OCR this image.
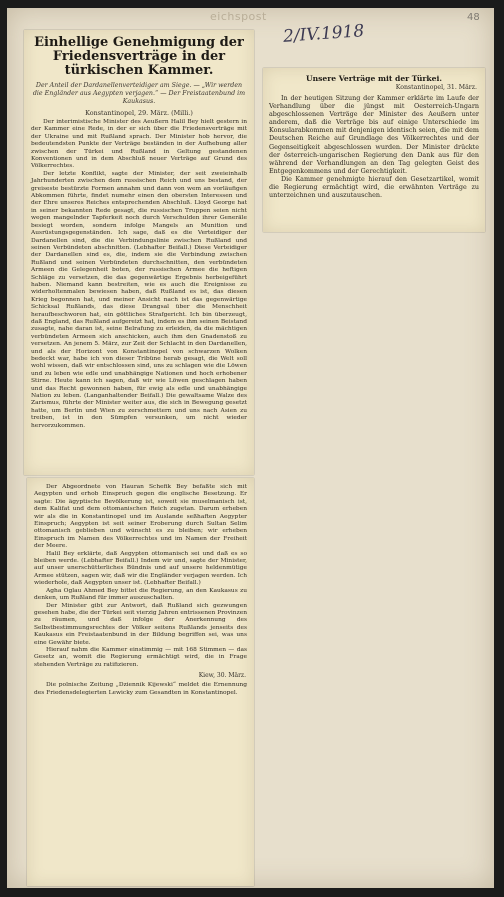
eichspost
2/IV.1918
48
Einhellige Genehmigung der Friedensverträge in der türkischen Kammer.
Der Anteil der Dardanellenverteidiger am Siege. — „Wir werden die Engländer aus Aegypten verjagen.“ — Der Freistaatenbund im Kaukasus.
Konstantinopel, 29. März. (Milli.)

Der interimistische Minister des Aeußern Halil Bey hielt gestern in der Kammer eine Rede, in der er sich über die Friedensverträge mit der Ukraine und mit Rußland sprach. Der Minister hob hervor, die bedeutendsten Punkte der Verträge beständen in der Aufhebung aller zwischen der Türkei und Rußland in Geltung gestandenen Konventionen und in dem Abschluß neuer Verträge auf Grund des Völkerrechtes.

Der letzte Konflikt, sagte der Minister, der seit zweieinhalb Jahrhunderten zwischen dem russischen Reich und uns bestand, der greiseste bestürzte Formen annahm und dann von wem an vorläufigen Abkommen führte, findet numehr einen den obersten Interessen und der Ehre unseres Reiches entsprechenden Abschluß. Lloyd George hat in seiner bekannten Rede gesagt, die russischen Truppen seien nicht wegen mangelnder Tapferkeit noch durch Verschulden ihrer Generäle besiegt worden, sondern infolge Mangels an Munition und Ausrüstungsgegenständen. Ich sage, daß es die Verteidiger der Dardanellen sind, die die Verbindungslinie zwischen Rußland und seinen Verbündeten abschnitten. (Lebhafter Beifall.) Diese Verteidiger der Dardanellen sind es, die, indem sie die Verbindung zwischen Rußland und seinen Verbündeten durchschnitten, den verbündeten Armeen die Gelegenheit boten, der russischen Armee die heftigen Schläge zu versetzen, die das gegenwärtige Ergebnis herbeigeführt haben. Niemand kann bestreiten, wie es auch die Ereignisse zu widerholtenmalen bewiesen haben, daß Rußland es ist, das diesen Krieg begonnen hat, und meiner Ansicht nach ist das gegenwärtige Schicksal Rußlands, das diese Drangsal über die Menschheit heraufbeschworen hat, ein göttliches Strafgericht. Ich bin überzeugt, daß England, das Rußland aufgereizt hat, indem es ihm seinen Beistand zusagte, nahe daran ist, seine Belrafung zu erleiden, da die mächtigen verbündeten Armeen sich anschicken, auch ihm den Gnadenstoß zu versetzen. An jenem 5. März, zur Zeit der Schlacht in den Dardanellen, und als der Horizont von Konstantinopel von schwarzen Wolken bedeckt war, habe ich von dieser Tribüne herab gesagt, die Welt soll wohl wissen, daß wir entschlossen sind, uns zu schlagen wie die Löwen und zu leben wie edle und unabhängige Nationen und hoch erhobener Stirne. Heute kann ich sagen, daß wir wie Löwen geschlagen haben und das Recht gewonnen haben, für ewig als edle und unabhängige Nation zu leben. (Langanhaltender Beifall.) Die gewaltsame Walze des Zarismus, führte der Minister weiter aus, die sich in Bewegung gesetzt hatte, um Berlin und Wien zu zerschmettern und uns nach Asien zu treiben, ist in den Sümpfen versunken, um nicht wieder hervorzukommen.

Der Abgeordnete von Hauran Schefik Bey befaßte sich mit Aegypten und erhob Einspruch gegen die englische Besetzung. Er sagte: Die ägyptische Bevölkerung ist, soweit sie muselmanisch ist, dem Kalifat und dem ottomanischen Reich zugetan. Darum erheben wir als die in Konstantinopel und im Auslande seßhaften Aegypter Einspruch; Aegypten ist seit seiner Eroberung durch Sultan Selim ottomanisch geblieben und wünscht es zu bleiben; wir erheben Einspruch im Namen des Völkerrechtes und im Namen der Freiheit der Meere.

Halil Bey erklärte, daß Aegypten ottomanisch sei und daß es so bleiben werde. (Lebhafter Beifall.) Indem wir und, sagte der Minister, auf unser unerschütterliches Bündnis und auf unsere heldenmütige Armee stützen, sagen wir, daß wir die Engländer verjagen werden. Ich wiederhole, daß Aegypten unser ist. (Lebhafter Beifall.)

Agha Oglau Ahmed Bey bittet die Regierung, an den Kaukasus zu denken, um Rußland für immer auszuschalten.

Der Minister gibt zur Antwort, daß Rußland sich gezwungen gesehen habe, die der Türkei seit vierzig Jahren entrissenen Provinzen zu räumen, und daß infolge der Anerkennung des Selbstbestimmungsrechtes der Völker seitens Rußlands jenseits des Kaukasus ein Freistaatenbund in der Bildung begriffen sei, was uns eine Gewähr biete.

Hierauf nahm die Kammer einstimmig — mit 168 Stimmen — das Gesetz an, womit die Regierung ermächtigt wird, die in Frage stehenden Verträge zu ratifizieren.

Kiew, 30. März.

Die polnische Zeitung „Dziennik Kijewski“ meldet die Ernennung des Friedensdelegierten Lewicky zum Gesandten in Konstantinopel.

Unsere Verträge mit der Türkei.
Konstantinopel, 31. März.

In der heutigen Sitzung der Kammer erklärte im Laufe der Verhandlung über die jüngst mit Oesterreich-Ungarn abgeschlossenen Verträge der Minister des Aeußern unter anderem, daß die Verträge bis auf einige Unterschiede im Konsularabkommen mit denjenigen identisch seien, die mit dem Deutschen Reiche auf Grundlage des Völkerrechtes und der Gegenseitigkeit abgeschlossen wurden. Der Minister drückte der österreich-ungarischen Regierung den Dank aus für den während der Verhandlungen an den Tag gelegten Geist des Entgegenkommens und der Gerechtigkeit.

Die Kammer genehmigte hierauf den Gesetzartikel, womit die Regierung ermächtigt wird, die erwähnten Verträge zu unterzeichnen und auszutauschen.
